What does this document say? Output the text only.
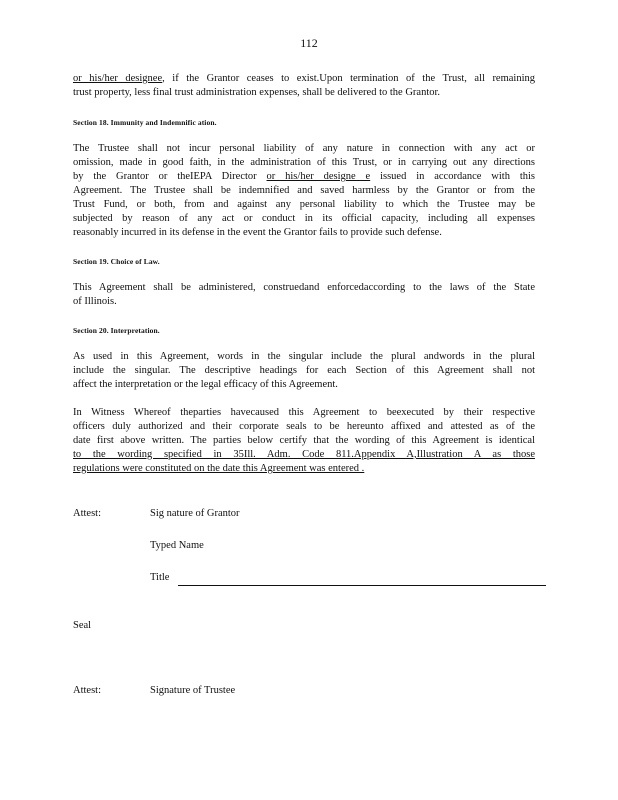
112
or his/her designee, if the Grantor ceases to exist.Upon termination of the Trust, all remaining
trust property, less final trust administration expenses, shall be delivered to the Grantor.
Section 18. Immunity and Indemnific ation.
The Trustee shall not incur personal liability of any nature in connection with any act or
omission, made in good faith, in the administration of this Trust, or in carrying out any directions
by the Grantor or theIEPA Director or his/her designe e issued in accordance with this
Agreement. The Trustee shall be indemnified and saved harmless by the Grantor or from the
Trust Fund, or both, from and against any personal liability to which the Trustee may be
subjected by reason of any act or conduct in its official capacity, including all expenses
reasonably incurred in its defense in the event the Grantor fails to provide such defense.
Section 19. Choice of Law.
This Agreement shall be administered, construedand enforcedaccording to the laws of the State
of Illinois.
Section 20. Interpretation.
As used in this Agreement, words in the singular include the plural andwords in the plural
include the singular. The descriptive headings for each Section of this Agreement shall not
affect the interpretation or the legal efficacy of this Agreement.
In Witness Whereof theparties havecaused this Agreement to beexecuted by their respective
officers duly authorized and their corporate seals to be hereunto affixed and attested as of the
date first above written. The parties below certify that the wording of this Agreement is identical
to the wording specified in 35Ill. Adm. Code 811.Appendix A,Illustration A as those
regulations were constituted on the date this Agreement was entered .
Attest:	Sig nature of Grantor
Typed Name
Title
Seal
Attest:	Signature of Trustee
